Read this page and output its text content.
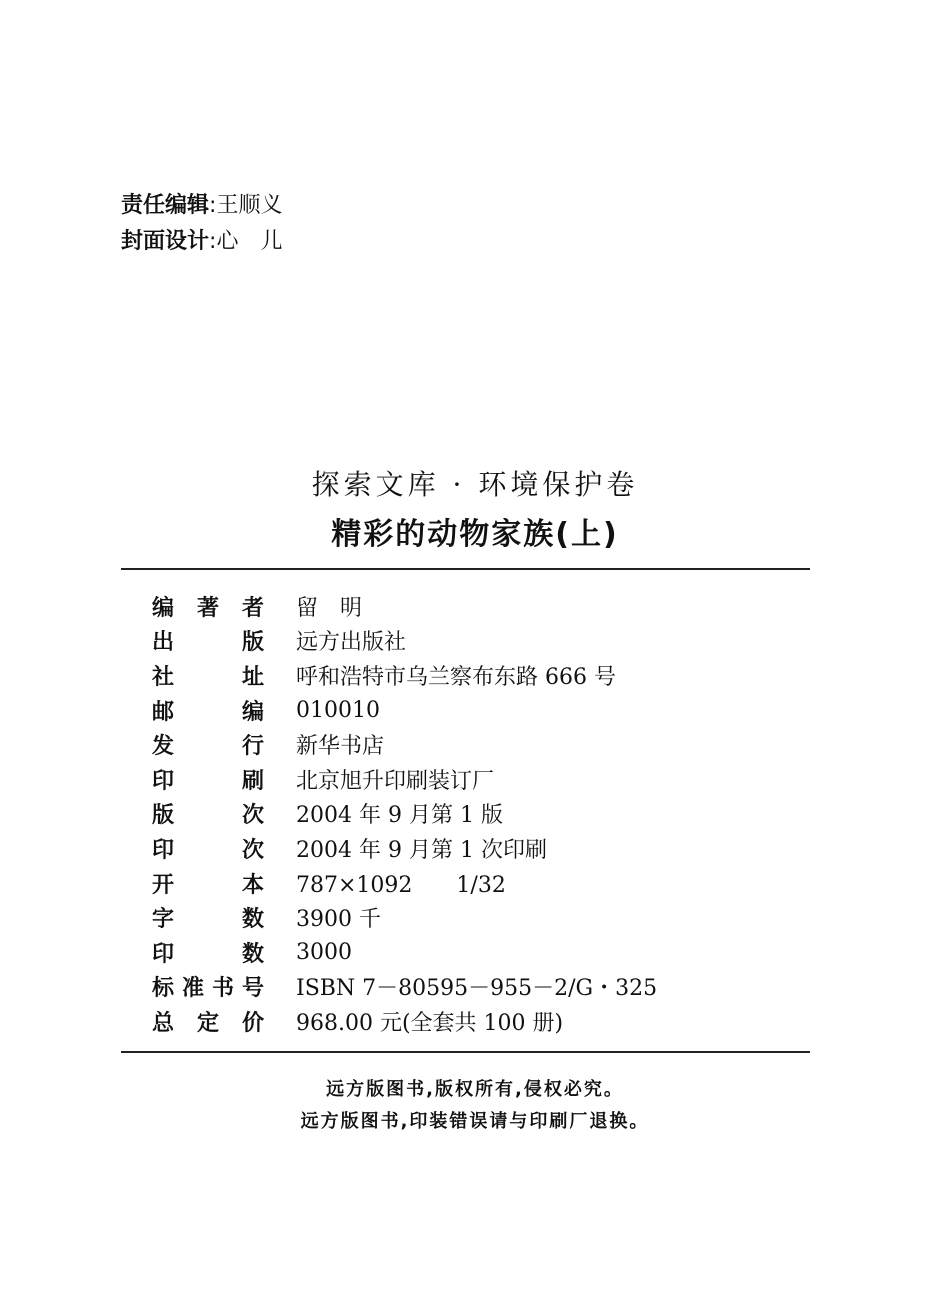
责任编辑:王顺义
封面设计:心　儿
探索文库 · 环境保护卷
精彩的动物家族(上)
编 著 者 留　明
出	版 远方出版社
社	址 呼和浩特市乌兰察布东路 666 号
邮	编 010010
发	行 新华书店
印	刷 北京旭升印刷装订厂
版	次 2004 年 9 月第 1 版
印	次 2004 年 9 月第 1 次印刷
开	本 787×1092　　1/32
字	数 3900 千
印	数 3000
标 准 书 号 ISBN 7－80595－955－2/G・325
总 定 价 968.00 元(全套共 100 册)
远方版图书,版权所有,侵权必究。
远方版图书,印装错误请与印刷厂退换。
